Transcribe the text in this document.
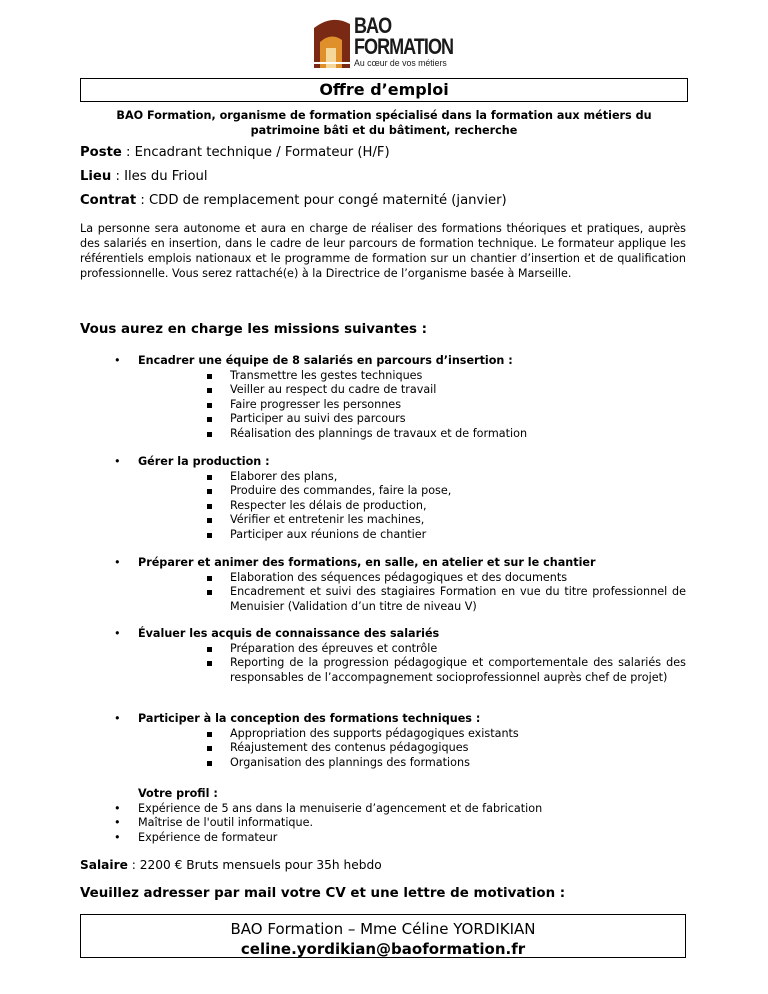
BAO
FORMATION
Au cœur de vos métiers
Offre d’emploi
BAO Formation, organisme de formation spécialisé dans la formation aux métiers du patrimoine bâti et du bâtiment, recherche
Poste : Encadrant technique / Formateur (H/F)
Lieu : Iles du Frioul
Contrat : CDD de remplacement pour congé maternité (janvier)
La personne sera autonome et aura en charge de réaliser des formations théoriques et pratiques, auprès des salariés en insertion, dans le cadre de leur parcours de formation technique. Le formateur applique les référentiels emplois nationaux et le programme de formation sur un chantier d’insertion et de qualification professionnelle. Vous serez rattaché(e) à la Directrice de l’organisme basée à Marseille.
Vous aurez en charge les missions suivantes :
• Encadrer une équipe de 8 salariés en parcours d’insertion :
Transmettre les gestes techniques
Veiller au respect du cadre de travail
Faire progresser les personnes
Participer au suivi des parcours
Réalisation des plannings de travaux et de formation
• Gérer la production :
Elaborer des plans,
Produire des commandes, faire la pose,
Respecter les délais de production,
Vérifier et entretenir les machines,
Participer aux réunions de chantier
• Préparer et animer des formations, en salle, en atelier et sur le chantier
Elaboration des séquences pédagogiques et des documents
Encadrement et suivi des stagiaires Formation en vue du titre professionnel de Menuisier (Validation d’un titre de niveau V)
• Évaluer les acquis de connaissance des salariés
Préparation des épreuves et contrôle
Reporting de la progression pédagogique et comportementale des salariés des responsables de l’accompagnement socioprofessionnel auprès chef de projet)
• Participer à la conception des formations techniques :
Appropriation des supports pédagogiques existants
Réajustement des contenus pédagogiques
Organisation des plannings des formations
Votre profil :
• Expérience de 5 ans dans la menuiserie d’agencement et de fabrication
• Maîtrise de l'outil informatique.
• Expérience de formateur
Salaire : 2200 € Bruts mensuels pour 35h hebdo
Veuillez adresser par mail votre CV et une lettre de motivation :
BAO Formation – Mme Céline YORDIKIAN
celine.yordikian@baoformation.fr
